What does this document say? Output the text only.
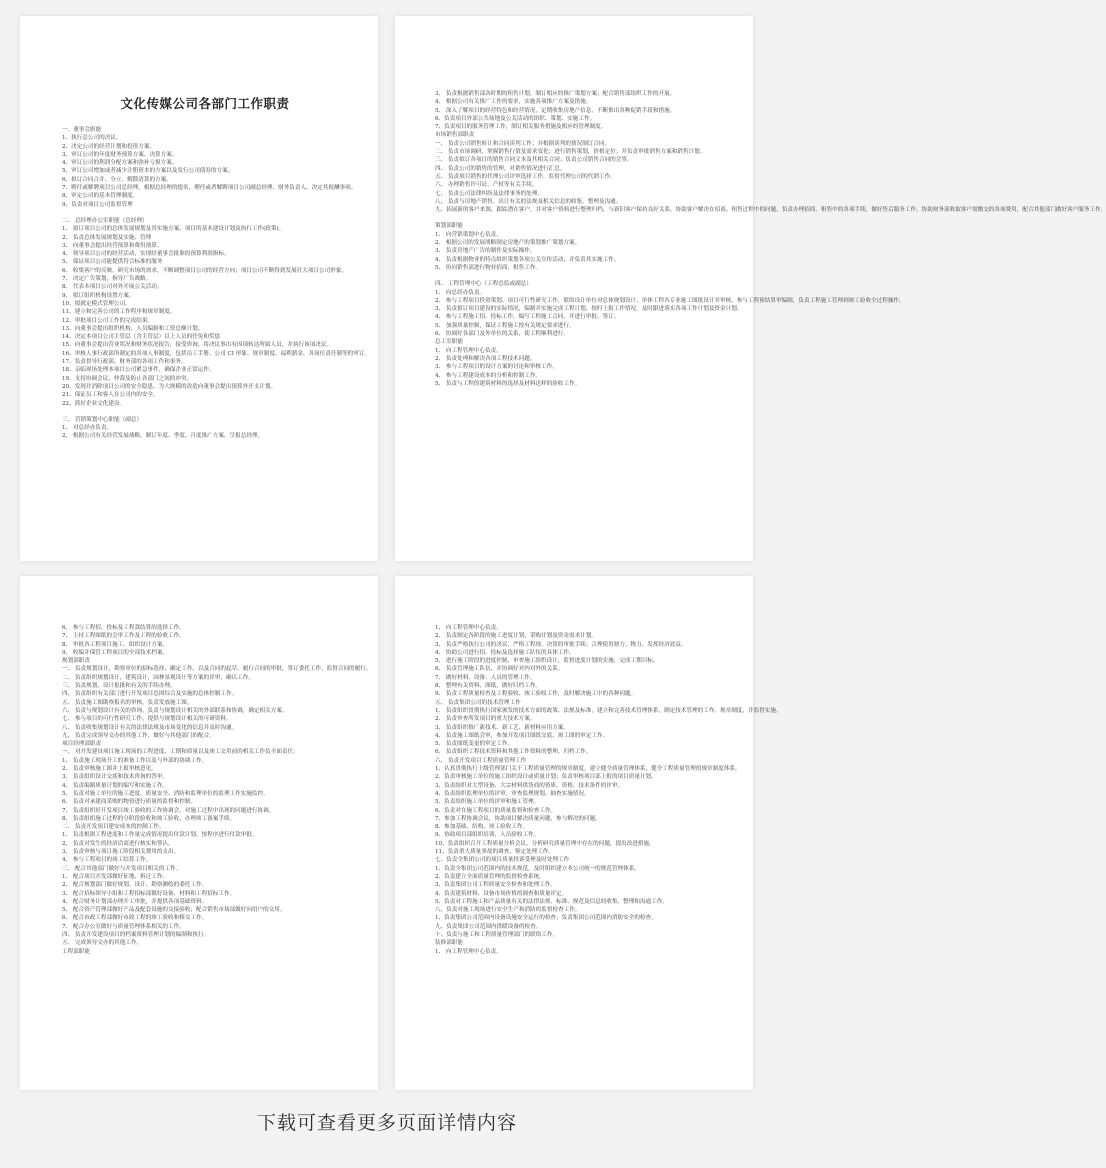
文化传媒公司各部门工作职责
一、董事会职能
1、执行总公司的决议。
2、决定公司的经营计划和投资方案。
3、审订公司的年度财务预算方案、决算方案。
4、审订公司的利润分配方案和弥补亏损方案。
5、审订公司增加或者减少注册资本的方案以及发行公司债券的方案。
6、拟订合同合并、分立、解散清算的方案。
7、聘任或解聘项目公司总经理，根据总经理的提名，聘任或者解聘项目公司副总经理、财务负责人，决定其报酬事项。
8、审定公司的基本管理制度。
9、负责对项目公司监督管理
二、 总经理办公室职能（总经理）
1、 拟订项目公司的总体发展规划及其实施方案、项目的基本建设计划及执行工作(政策)。
2、 负责总体发展规划及实施、管理
3、 向董事会提出经营预算和费用预算。
4、 领导项目公司的经营活动，实现经董事会批准的预算利润指标。
5、 保证项目公司能提供符合标准的服务
6、 收集客户的反映，研究市场的需求，不断调整项目公司的经营方向；项目公司不断得到发展壮大项目公司形象。
7、 决定广告策划，指导广告战略。
8、 代表本项目公司对外开展公关活动。
9、 拟订组织机构设置方案。
10、拟就定模式管理公司。
11、建立和完善公司的工作程序和规章制度。
12、审批项目公司工作的完成结果。
13、向董事会提出组织机构、人员编制和工资总额计划。
14、决定本项目公司主管层（含主管层）以上人员的任免和奖惩
15、向董事会提出营业状况和财务状况报告，接受咨询，将决议事出有因项转达所属人员，并执行该项决议。
16、审核人事行政部所制定的各项人事制度，包括员工手册、公司 CI 形象、规章制度、福利薪金、各岗位责任制等的审订。
17、负责督导行政部、财务部的各项工作和事务。
18、亲临现场处理本项目公司紧急事件，确保企业正常运作。
19、支持协调会议，仲裁及防止各部门之间的冲突。
20、发现并消除项目公司的安全隐患，为大规模的改造向董事会提出预算外开支计划。
21、保证员工和客人在公司内的安全。
22、抓好企业文化建设。
三、 营销策划中心职能（副总）
1、 对总经办负责。
2、 根据公司有关经营发展战略，制订年度、季度、月度推广方案，呈报总经理。
3、 负责根据销售部各时期的租售计划，制订相应的推广策划方案；配合销售部组织工作的开展。
4、 根据公司有关推广工作的要求，实施各项推广方案及措施。
5、 深入了解项目的经营特色和经营情况，定期收集房地产信息，不断推出各种促销手段和措施。
6、负责项目外部公共场地及公关活动的组织、策划、实施工作。
7、负责项目的服务管理工作，制订相关服务措施及相应的管理制度。
市场销售部职责
一、 负责公司销售转让和合同谈判工作；并根据谈判的情况制订合同。
二、 负责市场调研，掌握销售行情及需求变化；进行销售策划，价格定位；并负责审批销售方案和销售计划。
三、 负责拟订各项目的销售合同文本及其相关合同；负责公司销售合同的会签。
四、 负责公司的销售的管理，对销售情况进行汇总。
五、 负责项目销售的代理公司评审选择工作，监督代理公司的代销工作。
六、 办理销售许可证、产权等有关手续。
七、 负责公司法律纠纷及法律事务的处理。
八、 负责与房地产销售、出让有关的法规及相关信息的收集，整理及沟通。
九、拓展新的客户来源，跟踪潜在客户，并对客户资料进行整理归档，与新旧客户保持良好关系，协助客户解决在招商、租售过程中的问题，负责办理招商、租售中的各项手续，做好售后服务工作。协助财务部收取客户需缴交的各项费用，配合其他部门做好客户服务工作。
策划部职能
1、 向营销策划中心负责。
2、 根据公司的发展战略制定房地产的策划推广策划方案。
3、 负责房地产广告的制作及实际操作。
4、 负责根据物业的特点组织策划各项公关宣传活动，并负责其实施工作。
5、 协同销售部进行物业招商，租售工作。
四、 工程管理中心（工程总监或副总）
1、 向总经办负责。
2、 参与工程项目投资策划、项目可行性研究工作，联络设计单位对总体规划设计、单体工程各专业施工图纸设计并审核，参与工程预结算审编制，负责工程施工管理到竣工验收全过程操作。
3、 负责拟订项目建设的实际情况，编制并实施完成工程计划，按时上报工作情况，及时跟进落实各项工作计划及资金计划。
4、 参与工程施工招、投标工作，编写工程施工合同，并进行审批、签订。
5、 加强质量控制，保证工程施工按有关规定要求进行。
6、 协调好各部门及外单位的关系，使工程顺利进行。
总工室职能
1、 向工程管理中心负责。
2、 负责处理和解决各项工程技术问题。
3、 参与工程项目的设计方案的讨论和审核工作。
4、 参与工程建设成本的分析和控制工作。
5、 负责与工程的建筑材料的选择及材料送样的验收工作。
6、 参与工程招、投标及工程款结算的选择工作。
7、 主持工程图纸的会审工作及工程的验收工作。
8、 审批各工程项目施工、组织设计方案。
9、 收编并保管工程项目的全部技术档案。
规划部职责
一、 负责规划设计，勘察单位的招标选择，确定工作，以及合同的起草、履行合同的审批，签订委托工作，监督合同的履行。
二、 负责组织规划设计，建筑设计，园林景观设计等方案的评审，确认工作。
三、 负责规划、设计报批和有关的手续办理。
四、 负责组织有关部门进行开发项目总图综合及实施的总体控制工作。
五、 负责施工图勘察报名的审核，负责发放施工图。
六、 负责与规划设计有关的咨询，负责与规划设计相关的外部联系和协调，确定相关方案。
七、 参与项目的可行性研究工作，提供与规划设计相关的可研资料。
八、 负责收集规划设计有关的法律法规及市场变化的信息并及时沟通。
九、 负责完成领导交办的其他工作，做好与其他部门的配合。
项目经理部职责
一、 对开发建设项目施工现场的工程进度、工期和质量以及竣工交用前的相关工作负全面责任。
1、 负责施工现场开工的准备工作以及与外部的协调工作。
2、 负责审核施工图并上报审核意见。
3、 负责组织设计交底和技术咨询的答审。
4、 负责编制质量计划的编写和实施工作。
5、 负责对施工单位的施工进度、质量安全、消防和监理单位的监理工作实施监控。
6、 负责对承建商采购的物资进行质量的监督和控制。
7、 负责组织好开发项目竣工验收的工作协调会，对施工过程中出现的问题进行协调。
8、 负责组织施工过程的分阶段验收和竣工验收，办理竣工备案手续。
二、 负责开发项目建安成本的控制工作。
1、 负责根据工程进度和工作量完成情况提出付款计划，按程序进行付款审批。
2、 负责对发生的经济洽商进行核实和签认。
3、 负责审核与项目施工阶段相关费用的支出。
4、 参与工程项目的竣工结算工作。
三、 配合其他部门做好与开发项目相关的工作。
1、 配合项目开发部做好征地、拆迁工作。
2、 配合规划部门做好规划、设计、勘察测绘的委托工作。
3、 配合招标领导小组和工程招标部做好设备、材料和工程招标工作。
4、 配合财务计划部办理开工审批，并提供各项基础资料。
5、 配合资产管理部做好产品及配套设施的交接验收；配合销售市场部做好向用户的交用。
6、 配合市政工程部做好市政工程的竣工验收和移交工作。
7、 配合办公室做好与质量管理体系相关的工作。
四、 负责开发建设项目的档案资料管理计划的编制和执行。
五、 完成领导交办的其他工作。
工程部职能
1、 向工程管理中心负责。
2、 负责制定各阶段的施工进度计划，采购计划及资金需求计划。
3、 负责严格执行公司的决议，严格工程现、决算的审批手续；合理使用财力、物力、发挥经济效益。
4、 协助公司进行招、投标及选择施工队伍的具体工作。
5、 进行施工阶段的进度控制，审查施工组织设计，监督进度计划的实施，完成工期目标。
6、 负责管理施工队伍，并协调好对内对外的关系。
7、 做好材料、设备、人员的管理工作。
8、 整理有关资料、图纸，做好归档工作。
9、 负责工程质量检查及工程验收、竣工验收工作，及时解决施工中的各种问题。
五、 负责集团公司的技术管理工作
1、 负责组织贯彻执行国家颁发的技术方面的政策、法规及标准，建立和完善技术管理体系，制定技术管理的工作、规章制度，并监督实施。
2、 负责审查所发项目的重大技术方案。
3、 负责组织推广新技术、新工艺、新材料应用方案。
4、 负责施工图纸会审，参加开发项目图纸交底，竣工图的审定工作。
5、 负责图纸变更的审定工作。
6、 负责组织工程技术资料和其他工作资料的整理、归档工作。
六、 负责开发项目工程质量管理工作
1、认真贯彻执行上级管理部门关于工程质量管理的规章制度，建立健全质量管理体系，健全工程质量管理的规章制度体系。
2、负责审核施工单位的施工组织设计或质量计划；负责审核项目部上报的项目质量计划。
3、负责组织对大型设备、大宗材料供货商的资质、资格、技术条件的评审。
4、负责组织监理单位的评审，审查监理规划、抽查实施情况。
5、负责组织施工单位的评审和施工管理。
6、负责对在施工程项目的质量监督和检查工作。
7、参加工程协调会议，协助项目解决质量问题，参与解决的问题。
8、参加基础、结构、竣工验收工作。
9、协助项目部组织培训，人员验收工作。
10、负责组织召开工程质量分析会议，分析研究质量管理中存在的问题，提出改进措施。
11、负责重大质量事故的调查、鉴定处理工作。
七、负责全集团公司的项目质量投诉受理及时处理工作
1、负责全集团公司范围内的技术规范，及时组织建立本公司统一的规范管理体系。
2、负责建立全面质量管理的监督检查系统。
3、负责集团公司工程质量安全检查和处理工作。
4、负责建筑材料、设备市场价格的调查和质量评定。
5、负责对工程施工和产品质量有关的法律法规、标准、规范及信息的收集、整理和沟通工作。
八、负责对施工现场进行安全生产和消防的监督检查工作。
1、负责集团公司范围内设备设施安全运行的检查；负责集团公司范围内消防安全的检查。
九、负责集团公司范围内供暖设备的检查。
十、负责与施工和工程质量管理部门的联络工作。
装修部职能
1、 向工程管理中心负责。
下载可查看更多页面详情内容
